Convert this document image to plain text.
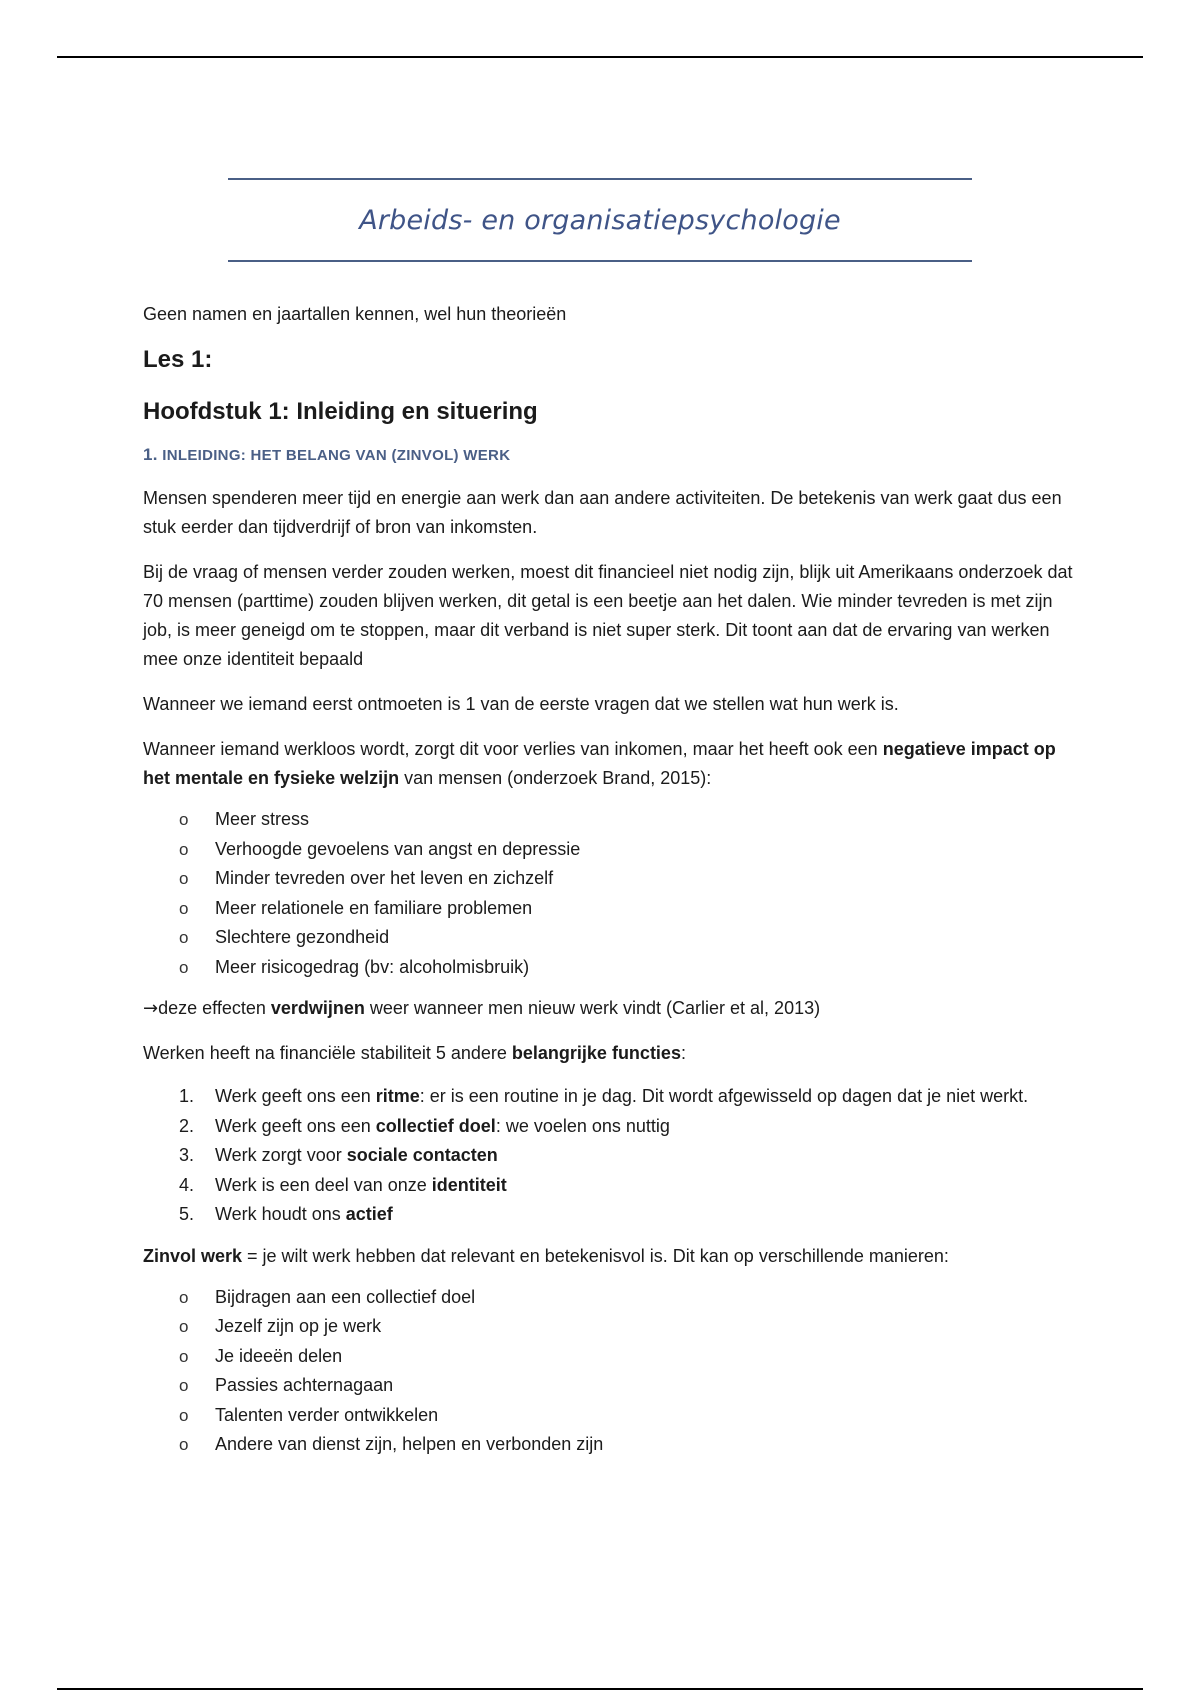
Arbeids- en organisatiepsychologie

Geen namen en jaartallen kennen, wel hun theorieën

Les 1:
Hoofdstuk 1: Inleiding en situering
1. INLEIDING: HET BELANG VAN (ZINVOL) WERK

Mensen spenderen meer tijd en energie aan werk dan aan andere activiteiten. De betekenis van werk gaat dus een stuk eerder dan tijdverdrijf of bron van inkomsten.

Bij de vraag of mensen verder zouden werken, moest dit financieel niet nodig zijn, blijk uit Amerikaans onderzoek dat 70 mensen (parttime) zouden blijven werken, dit getal is een beetje aan het dalen. Wie minder tevreden is met zijn job, is meer geneigd om te stoppen, maar dit verband is niet super sterk. Dit toont aan dat de ervaring van werken mee onze identiteit bepaald

Wanneer we iemand eerst ontmoeten is 1 van de eerste vragen dat we stellen wat hun werk is.

Wanneer iemand werkloos wordt, zorgt dit voor verlies van inkomen, maar het heeft ook een negatieve impact op het mentale en fysieke welzijn van mensen (onderzoek Brand, 2015):

o Meer stress
o Verhoogde gevoelens van angst en depressie
o Minder tevreden over het leven en zichzelf
o Meer relationele en familiare problemen
o Slechtere gezondheid
o Meer risicogedrag (bv: alcoholmisbruik)

→deze effecten verdwijnen weer wanneer men nieuw werk vindt (Carlier et al, 2013)

Werken heeft na financiële stabiliteit 5 andere belangrijke functies:

1. Werk geeft ons een ritme: er is een routine in je dag. Dit wordt afgewisseld op dagen dat je niet werkt.
2. Werk geeft ons een collectief doel: we voelen ons nuttig
3. Werk zorgt voor sociale contacten
4. Werk is een deel van onze identiteit
5. Werk houdt ons actief

Zinvol werk = je wilt werk hebben dat relevant en betekenisvol is. Dit kan op verschillende manieren:

o Bijdragen aan een collectief doel
o Jezelf zijn op je werk
o Je ideeën delen
o Passies achternagaan
o Talenten verder ontwikkelen
o Andere van dienst zijn, helpen en verbonden zijn
